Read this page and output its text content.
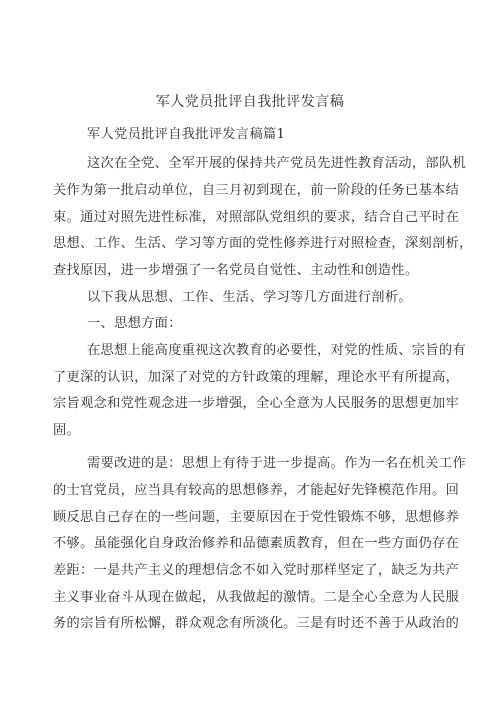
军人党员批评自我批评发言稿
军人党员批评自我批评发言稿篇1
这次在全党、全军开展的保持共产党员先进性教育活动，部队机
关作为第一批启动单位，自三月初到现在，前一阶段的任务已基本结
束。通过对照先进性标准，对照部队党组织的要求，结合自己平时在
思想、工作、生活、学习等方面的党性修养进行对照检查，深刻剖析，
查找原因，进一步增强了一名党员自觉性、主动性和创造性。
以下我从思想、工作、生活、学习等几方面进行剖析。
一、思想方面：
在思想上能高度重视这次教育的必要性，对党的性质、宗旨的有
了更深的认识，加深了对党的方针政策的理解，理论水平有所提高，
宗旨观念和党性观念进一步增强，全心全意为人民服务的思想更加牢
固。
需要改进的是：思想上有待于进一步提高。作为一名在机关工作
的士官党员，应当具有较高的思想修养，才能起好先锋模范作用。回
顾反思自己存在的一些问题，主要原因在于党性锻炼不够，思想修养
不够。虽能强化自身政治修养和品德素质教育，但在一些方面仍存在
差距：一是共产主义的理想信念不如入党时那样坚定了，缺乏为共产
主义事业奋斗从现在做起，从我做起的激情。二是全心全意为人民服
务的宗旨有所松懈，群众观念有所淡化。三是有时还不善于从政治的
